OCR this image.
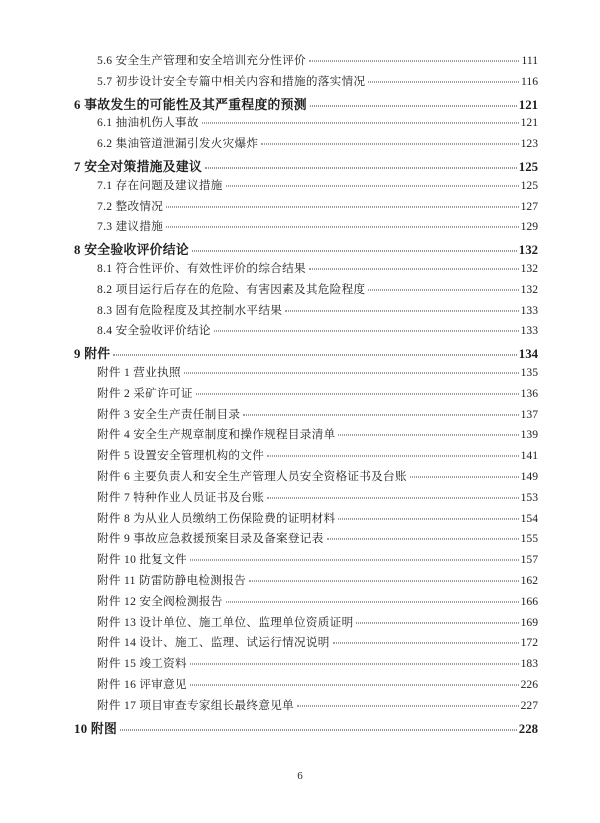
5.6 安全生产管理和安全培训充分性评价	111
5.7 初步设计安全专篇中相关内容和措施的落实情况	116
6 事故发生的可能性及其严重程度的预测	121
6.1 抽油机伤人事故	121
6.2 集油管道泄漏引发火灾爆炸	123
7 安全对策措施及建议	125
7.1 存在问题及建议措施	125
7.2 整改情况	127
7.3 建议措施	129
8 安全验收评价结论	132
8.1 符合性评价、有效性评价的综合结果	132
8.2 项目运行后存在的危险、有害因素及其危险程度	132
8.3 固有危险程度及其控制水平结果	133
8.4 安全验收评价结论	133
9 附件	134
附件 1 营业执照	135
附件 2 采矿许可证	136
附件 3 安全生产责任制目录	137
附件 4 安全生产规章制度和操作规程目录清单	139
附件 5 设置安全管理机构的文件	141
附件 6 主要负责人和安全生产管理人员安全资格证书及台账	149
附件 7 特种作业人员证书及台账	153
附件 8 为从业人员缴纳工伤保险费的证明材料	154
附件 9 事故应急救援预案目录及备案登记表	155
附件 10 批复文件	157
附件 11 防雷防静电检测报告	162
附件 12 安全阀检测报告	166
附件 13 设计单位、施工单位、监理单位资质证明	169
附件 14 设计、施工、监理、试运行情况说明	172
附件 15 竣工资料	183
附件 16 评审意见	226
附件 17 项目审查专家组长最终意见单	227
10 附图	228
6
